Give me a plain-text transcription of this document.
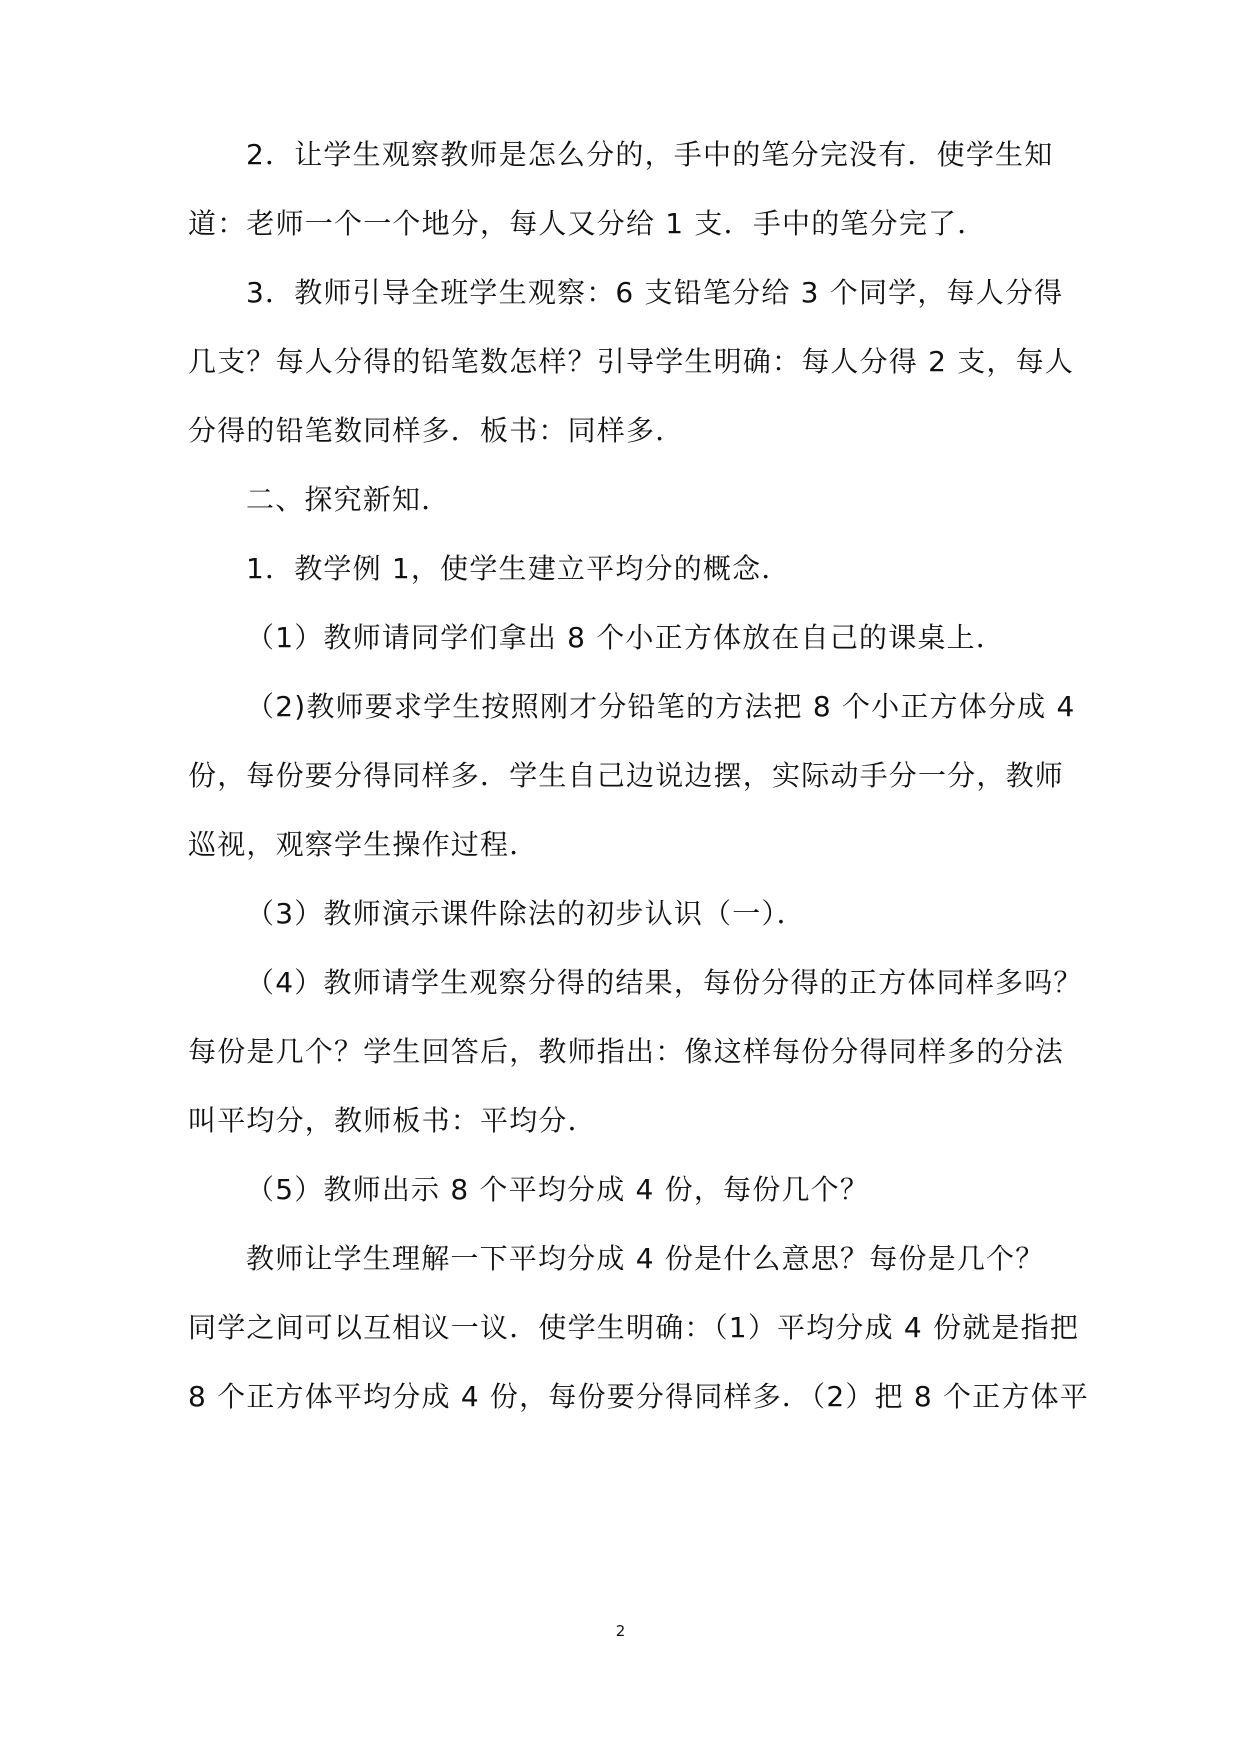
2．让学生观察教师是怎么分的，手中的笔分完没有．使学生知
道：老师一个一个地分，每人又分给 1 支．手中的笔分完了．
3．教师引导全班学生观察：6 支铅笔分给 3 个同学，每人分得
几支？每人分得的铅笔数怎样？引导学生明确：每人分得 2 支，每人
分得的铅笔数同样多．板书：同样多．
二、探究新知．
1．教学例 1，使学生建立平均分的概念．
（1）教师请同学们拿出 8 个小正方体放在自己的课桌上．
（2)教师要求学生按照刚才分铅笔的方法把 8 个小正方体分成 4
份，每份要分得同样多．学生自己边说边摆，实际动手分一分，教师
巡视，观察学生操作过程．
（3）教师演示课件除法的初步认识（一）．
（4）教师请学生观察分得的结果，每份分得的正方体同样多吗？
每份是几个？学生回答后，教师指出：像这样每份分得同样多的分法
叫平均分，教师板书：平均分．
（5）教师出示 8 个平均分成 4 份，每份几个？
教师让学生理解一下平均分成 4 份是什么意思？每份是几个？
同学之间可以互相议一议．使学生明确：（1）平均分成 4 份就是指把
8 个正方体平均分成 4 份，每份要分得同样多．（2）把 8 个正方体平
2
